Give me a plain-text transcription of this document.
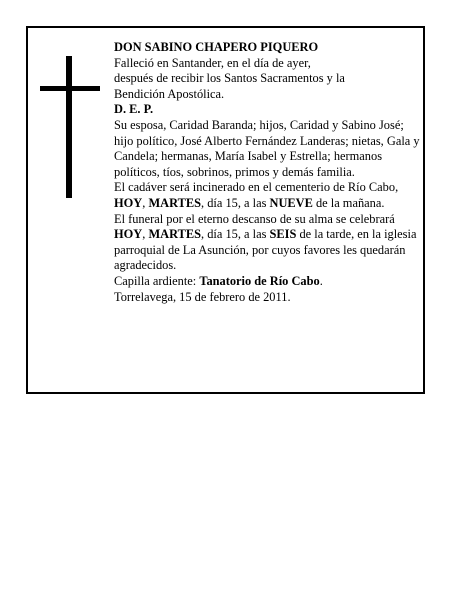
DON SABINO CHAPERO PIQUERO

Falleció en Santander, en el día de ayer,

después de recibir los Santos Sacramentos y la

Bendición Apostólica.

D. E. P.

Su esposa, Caridad Baranda; hijos, Caridad y Sabino José; hijo político, José Alberto Fernández Landeras; nietas, Gala y Candela; hermanas, María Isabel y Estrella; hermanos políticos, tíos, sobrinos, primos y demás familia.

El cadáver será incinerado en el cementerio de Río Cabo, HOY, MARTES, día 15, a las NUEVE de la mañana.

El funeral por el eterno descanso de su alma se celebrará HOY, MARTES, día 15, a las SEIS de la tarde, en la iglesia parroquial de La Asunción, por cuyos favores les quedarán agradecidos.

Capilla ardiente: Tanatorio de Río Cabo.

Torrelavega, 15 de febrero de 2011.
